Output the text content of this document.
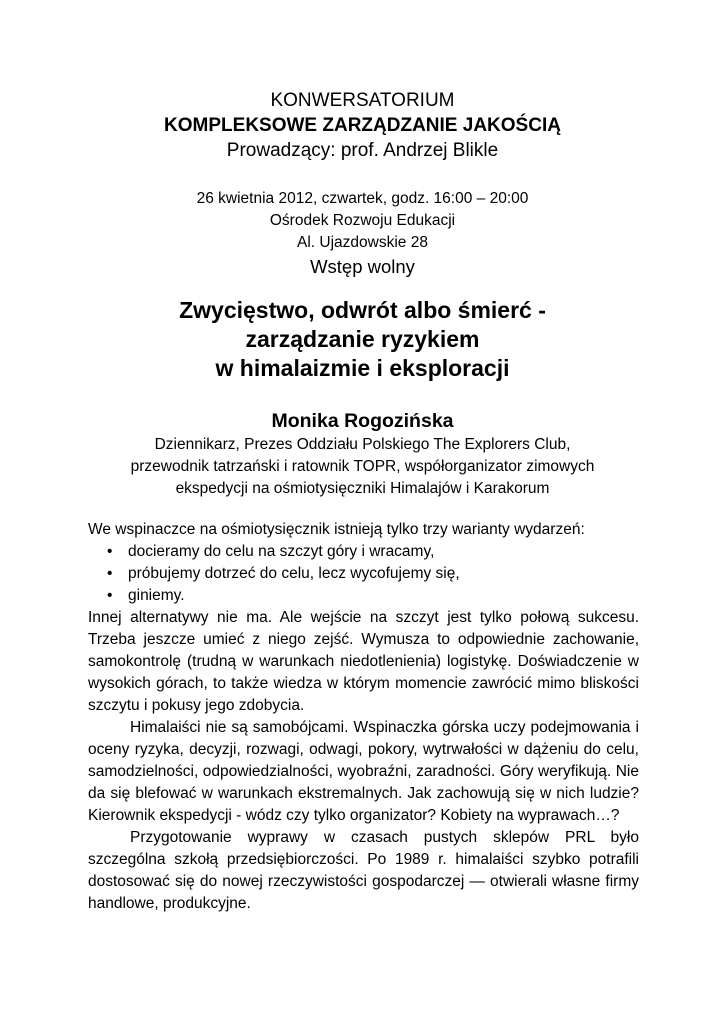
KONWERSATORIUM
KOMPLEKSOWE ZARZĄDZANIE JAKOŚCIĄ
Prowadzący: prof. Andrzej Blikle
26 kwietnia 2012, czwartek, godz. 16:00 – 20:00
Ośrodek Rozwoju Edukacji
Al. Ujazdowskie 28
Wstęp wolny
Zwycięstwo, odwrót albo śmierć -
zarządzanie ryzykiem
w himalaizmie i eksploracji
Monika Rogozińska
Dziennikarz, Prezes Oddziału Polskiego The Explorers Club,
przewodnik tatrzański i ratownik TOPR, współorganizator zimowych
ekspedycji na ośmiotysięczniki Himalajów i Karakorum

We wspinaczce na ośmiotysięcznik istnieją tylko trzy warianty wydarzeń:

• docieramy do celu na szczyt góry i wracamy,
• próbujemy dotrzeć do celu, lecz wycofujemy się,
• giniemy.

Innej alternatywy nie ma. Ale wejście na szczyt jest tylko połową sukcesu. Trzeba jeszcze umieć z niego zejść. Wymusza to odpowiednie zachowanie, samokontrolę (trudną w warunkach niedotlenienia) logistykę. Doświadczenie w wysokich górach, to także wiedza w którym momencie zawrócić mimo bliskości szczytu i pokusy jego zdobycia.

Himalaiści nie są samobójcami. Wspinaczka górska uczy podejmowania i oceny ryzyka, decyzji, rozwagi, odwagi, pokory, wytrwałości w dążeniu do celu, samodzielności, odpowiedzialności, wyobraźni, zaradności. Góry weryfikują. Nie da się blefować w warunkach ekstremalnych. Jak zachowują się w nich ludzie? Kierownik ekspedycji - wódz czy tylko organizator? Kobiety na wyprawach…?

Przygotowanie wyprawy w czasach pustych sklepów PRL było szczególna szkołą przedsiębiorczości. Po 1989 r. himalaiści szybko potrafili dostosować się do nowej rzeczywistości gospodarczej — otwierali własne firmy handlowe, produkcyjne.
